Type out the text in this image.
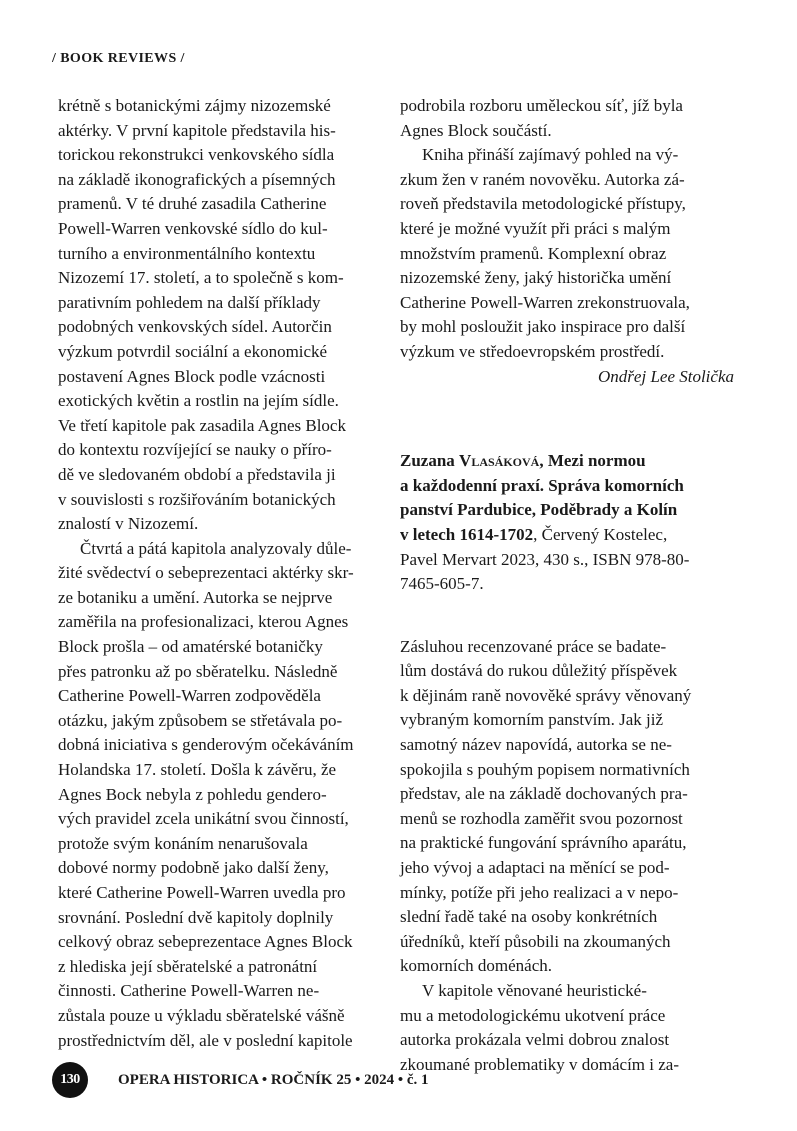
/ BOOK REVIEWS /
krétně s botanickými zájmy nizozemské
aktérky. V první kapitole představila his-
torickou rekonstrukci venkovského sídla
na základě ikonografických a písemných
pramenů. V té druhé zasadila Catherine
Powell-Warren venkovské sídlo do kul-
turního a environmentálního kontextu
Nizozemí 17. století, a to společně s kom-
parativním pohledem na další příklady
podobných venkovských sídel. Autorčin
výzkum potvrdil sociální a ekonomické
postavení Agnes Block podle vzácnosti
exotických květin a rostlin na jejím sídle.
Ve třetí kapitole pak zasadila Agnes Block
do kontextu rozvíjející se nauky o příro-
dě ve sledovaném období a představila ji
v souvislosti s rozšiřováním botanických
znalostí v Nizozemí.
Čtvrtá a pátá kapitola analyzovaly důle-
žité svědectví o sebeprezentaci aktérky skr-
ze botaniku a umění. Autorka se nejprve
zaměřila na profesionalizaci, kterou Agnes
Block prošla – od amatérské botaničky
přes patronku až po sběratelku. Následně
Catherine Powell-Warren zodpověděla
otázku, jakým způsobem se střetávala po-
dobná iniciativa s genderovým očekáváním
Holandska 17. století. Došla k závěru, že
Agnes Bock nebyla z pohledu gendero-
vých pravidel zcela unikátní svou činností,
protože svým konáním nenarušovala
dobové normy podobně jako další ženy,
které Catherine Powell-Warren uvedla pro
srovnání. Poslední dvě kapitoly doplnily
celkový obraz sebeprezentace Agnes Block
z hlediska její sběratelské a patronátní
činnosti. Catherine Powell-Warren ne-
zůstala pouze u výkladu sběratelské vášně
prostřednictvím děl, ale v poslední kapitole
podrobila rozboru uměleckou síť, jíž byla
Agnes Block součástí.
Kniha přináší zajímavý pohled na vý-
zkum žen v raném novověku. Autorka zá-
roveň představila metodologické přístupy,
které je možné využít při práci s malým
množstvím pramenů. Komplexní obraz
nizozemské ženy, jaký historička umění
Catherine Powell-Warren zrekonstruovala,
by mohl posloužit jako inspirace pro další
výzkum ve středoevropském prostředí.
Ondřej Lee Stolička
Zuzana Vlasáková, Mezi normou
a každodenní praxí. Správa komorních
panství Pardubice, Poděbrady a Kolín
v letech 1614-1702, Červený Kostelec,
Pavel Mervart 2023, 430 s., ISBN 978-80-
7465-605-7.
Zásluhou recenzované práce se badate-
lům dostává do rukou důležitý příspěvek
k dějinám raně novověké správy věnovaný
vybraným komorním panstvím. Jak již
samotný název napovídá, autorka se ne-
spokojila s pouhým popisem normativních
představ, ale na základě dochovaných pra-
menů se rozhodla zaměřit svou pozornost
na praktické fungování správního aparátu,
jeho vývoj a adaptaci na měnící se pod-
mínky, potíže při jeho realizaci a v nepo-
slední řadě také na osoby konkrétních
úředníků, kteří působili na zkoumaných
komorních doménách.
V kapitole věnované heuristické-
mu a metodologickému ukotvení práce
autorka prokázala velmi dobrou znalost
zkoumané problematiky v domácím i za-
130	OPERA HISTORICA • ROČNÍK 25 • 2024 • č. 1
